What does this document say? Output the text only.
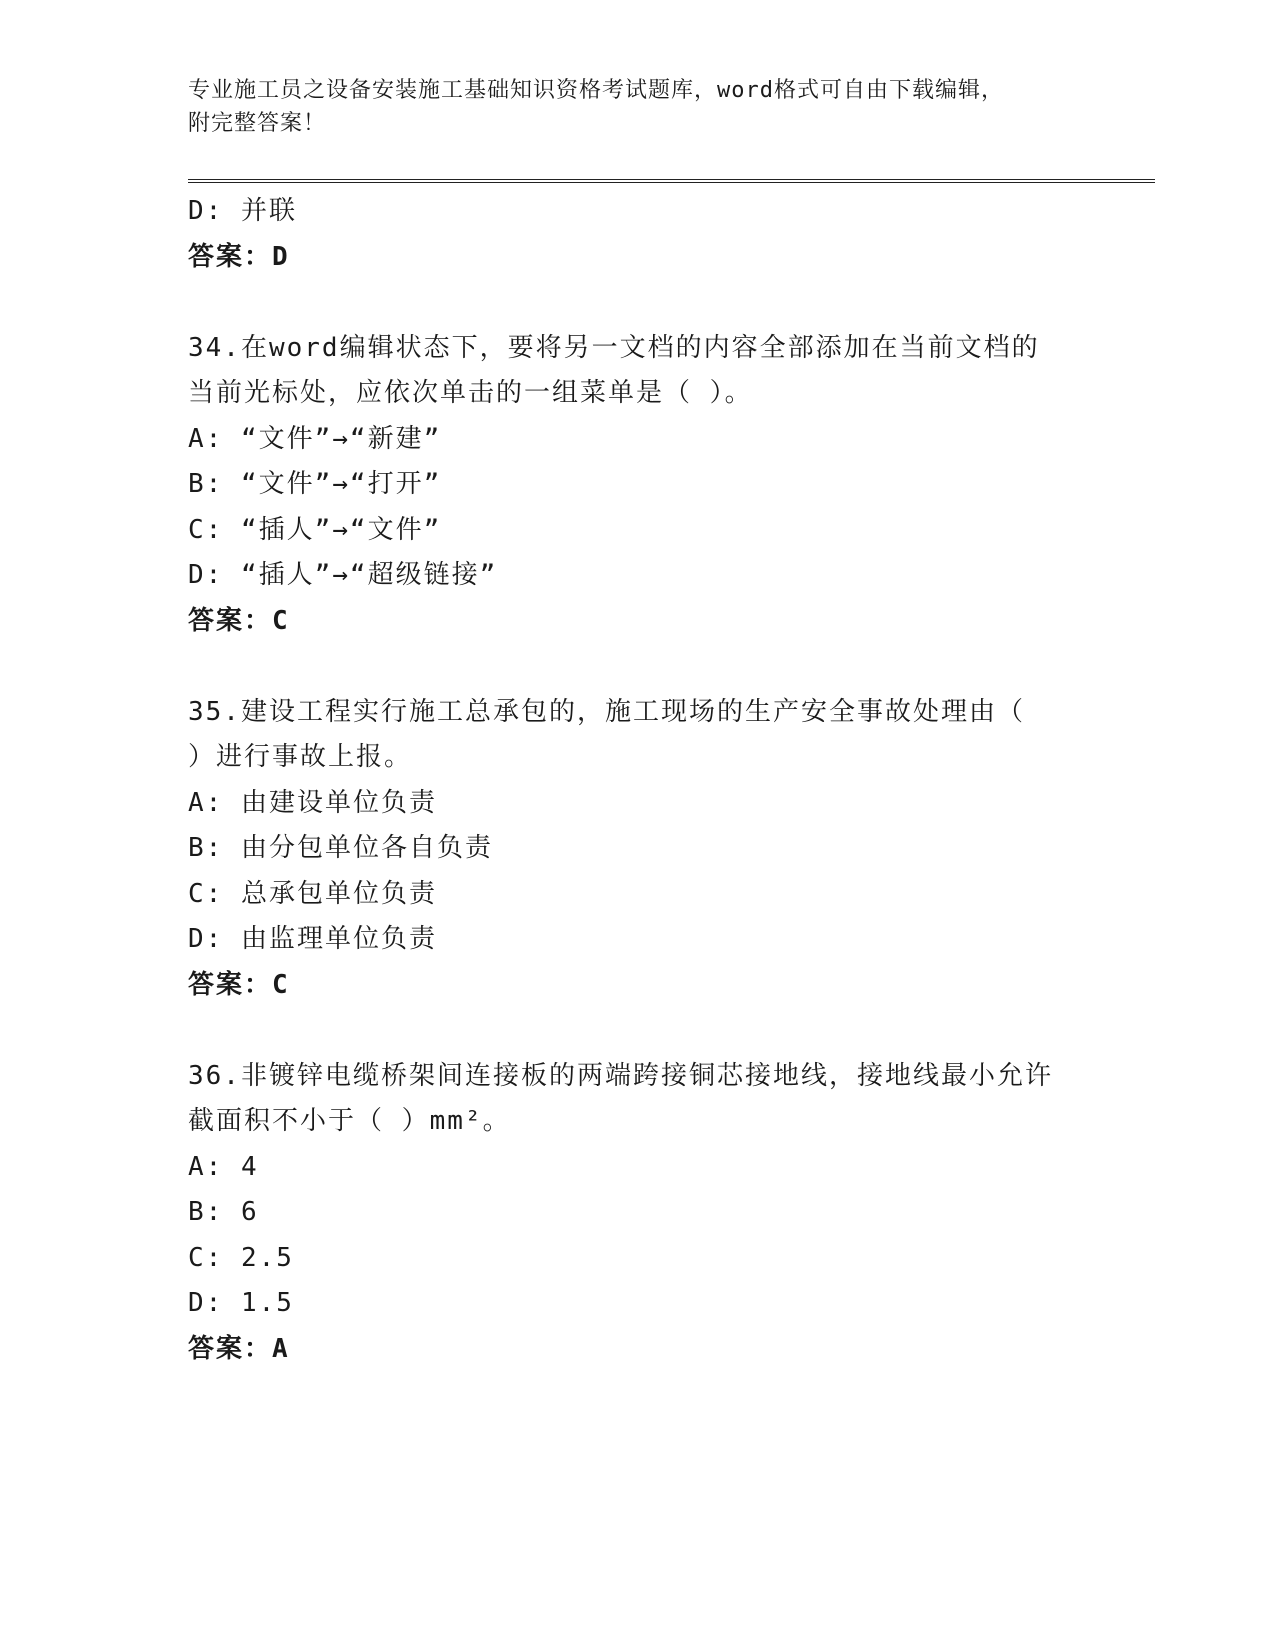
专业施工员之设备安装施工基础知识资格考试题库，word格式可自由下载编辑，
附完整答案！
D: 并联
答案：D
34.在word编辑状态下，要将另一文档的内容全部添加在当前文档的
当前光标处，应依次单击的一组菜单是（ ）。
A: “文件”→“新建”
B: “文件”→“打开”
C: “插人”→“文件”
D: “插人”→“超级链接”
答案：C
35.建设工程实行施工总承包的，施工现场的生产安全事故处理由（
）进行事故上报。
A: 由建设单位负责
B: 由分包单位各自负责
C: 总承包单位负责
D: 由监理单位负责
答案：C
36.非镀锌电缆桥架间连接板的两端跨接铜芯接地线，接地线最小允许
截面积不小于（ ）mm²。
A: 4
B: 6
C: 2.5
D: 1.5
答案：A
